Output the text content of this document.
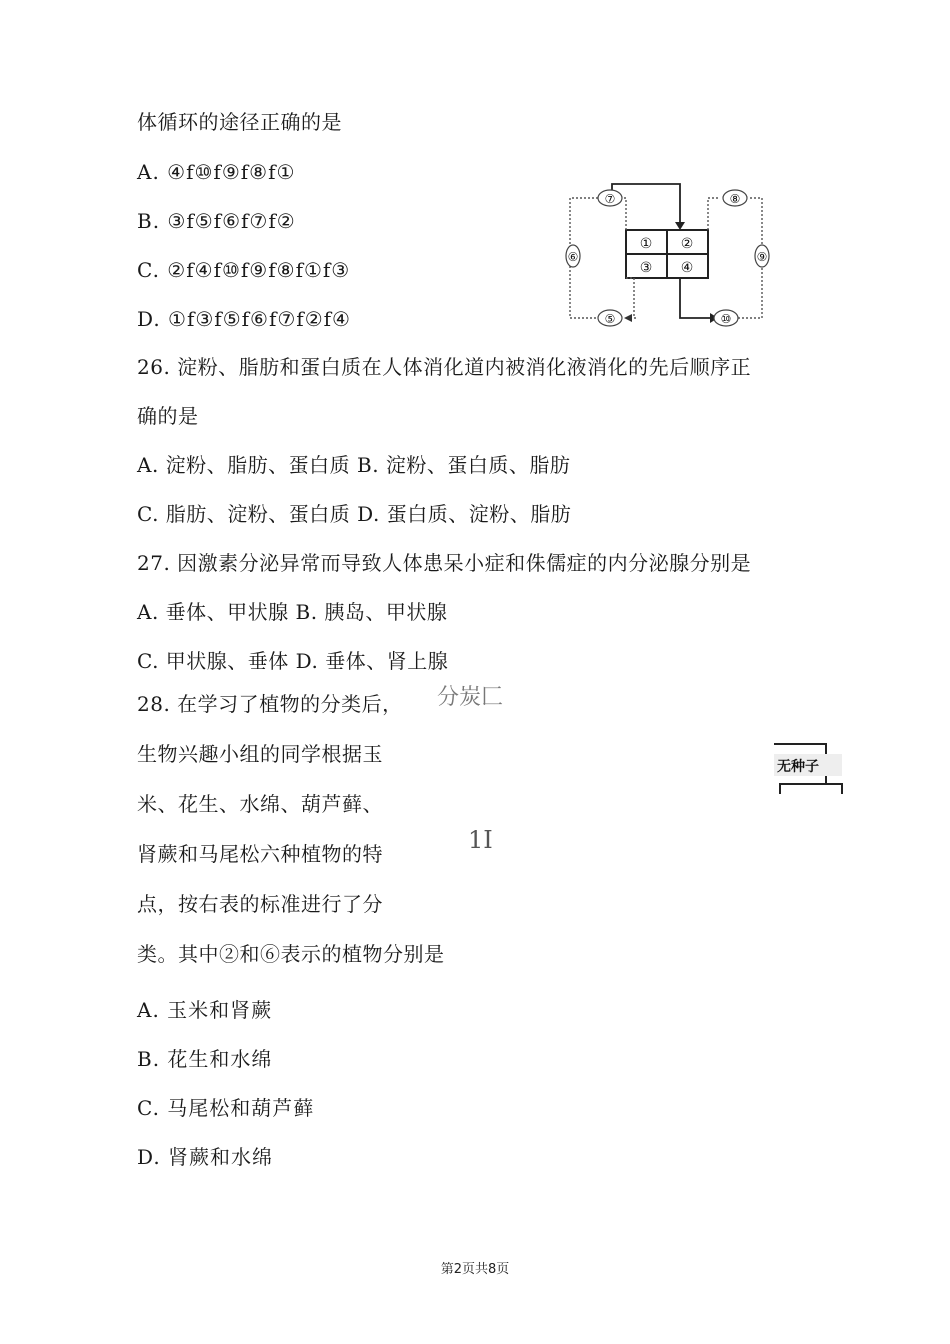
体循环的途径正确的是
A. ④f⑩f⑨f⑧f①
B. ③f⑤f⑥f⑦f②
C. ②f④f⑩f⑨f⑧f①f③
D. ①f③f⑤f⑥f⑦f②f④
① ②
③ ④
⑤
⑥
⑦	⑧
⑨
⑩
26. 淀粉、脂肪和蛋白质在人体消化道内被消化液消化的先后顺序正
确的是
A. 淀粉、脂肪、蛋白质 B. 淀粉、蛋白质、脂肪
C. 脂肪、淀粉、蛋白质 D. 蛋白质、淀粉、脂肪
27. 因激素分泌异常而导致人体患呆小症和侏儒症的内分泌腺分别是
A. 垂体、甲状腺 B. 胰岛、甲状腺
C. 甲状腺、垂体 D. 垂体、肾上腺
28. 在学习了植物的分类后，
生物兴趣小组的同学根据玉
米、花生、水绵、葫芦藓、
肾蕨和马尾松六种植物的特
点，按右表的标准进行了分
类。其中②和⑥表示的植物分别是
A. 玉米和肾蕨
B. 花生和水绵
C. 马尾松和葫芦藓
D. 肾蕨和水绵
分炭匚
1I
无种子
第2页共8页
